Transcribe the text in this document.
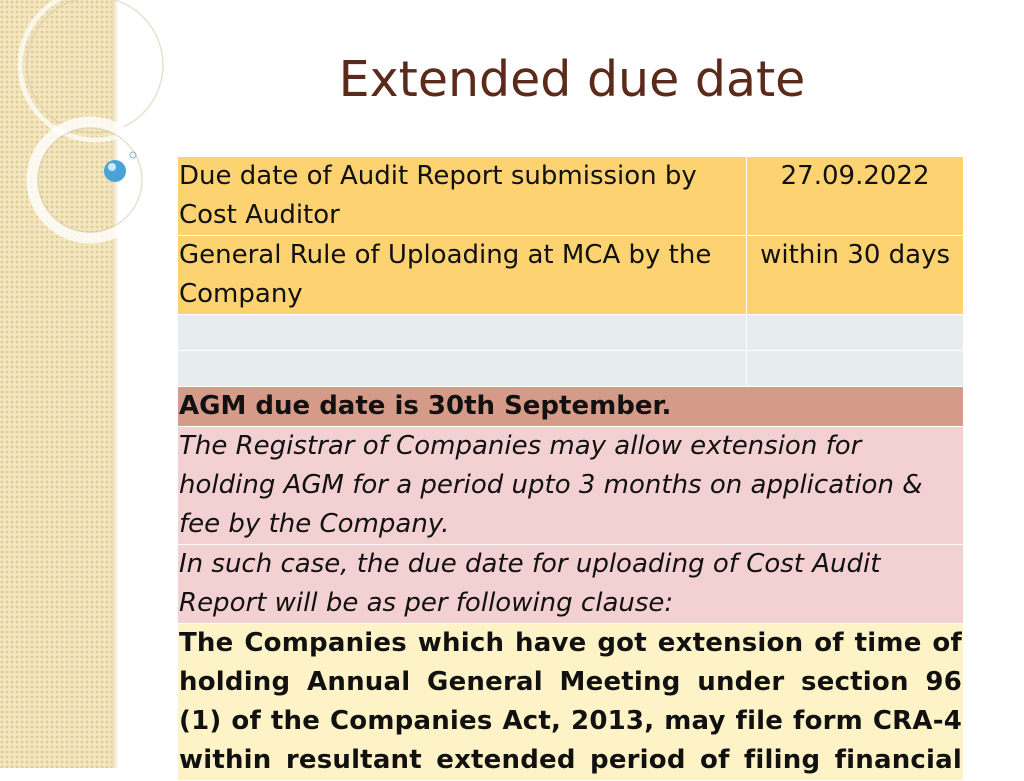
Extended due date
Due date of Audit Report submission by Cost Auditor	27.09.2022
General Rule of Uploading at MCA by the Company	within 30 days

AGM due date is 30th September.	
The Registrar of Companies may allow extension for holding AGM for a period upto 3 months on application & fee by the Company.	
In such case, the due date for uploading of Cost Audit Report will be as per following clause:	
The Companies which have got extension of time of holding Annual General Meeting under section 96 (1) of the Companies Act, 2013, may file form CRA-4 within resultant extended period of filing financial	
